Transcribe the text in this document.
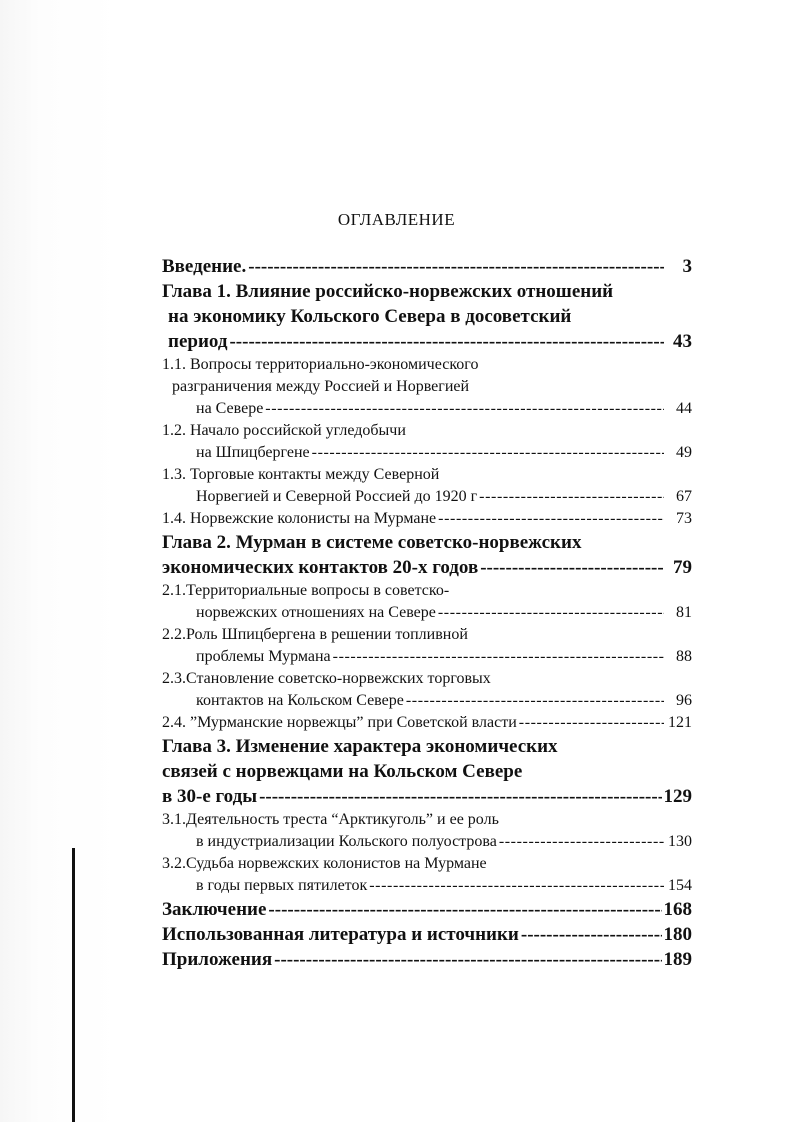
ОГЛАВЛЕНИЕ
Введение. -----	3
Глава 1. Влияние российско-норвежских отношений
на экономику Кольского Севера в досоветский
период -----	43
1.1. Вопросы территориально-экономического
разграничения между Россией и Норвегией
на Севере -----	44
1.2. Начало российской угледобычи
на Шпицбергене -----	49
1.3. Торговые контакты между Северной
Норвегией и Северной Россией до 1920 г -----	67
1.4. Норвежские колонисты на Мурмане -----	73
Глава 2. Мурман в системе советско-норвежских
экономических контактов 20-х годов -----	79
2.1.Территориальные вопросы в советско-
норвежских отношениях на Севере -----	81
2.2.Роль Шпицбергена в решении топливной
проблемы Мурмана -----	88
2.3.Становление советско-норвежских торговых
контактов на Кольском Севере -----	96
2.4. ”Мурманские норвежцы” при Советской власти -----	121
Глава 3. Изменение характера экономических
связей с норвежцами на Кольском Севере
в 30-е годы -----	129
3.1.Деятельность треста “Арктикуголь” и ее роль
в индустриализации Кольского полуострова -----	130
3.2.Судьба норвежских колонистов на Мурмане
в годы первых пятилеток -----	154
Заключение -----	168
Использованная литература и источники -----	180
Приложения -----	189
